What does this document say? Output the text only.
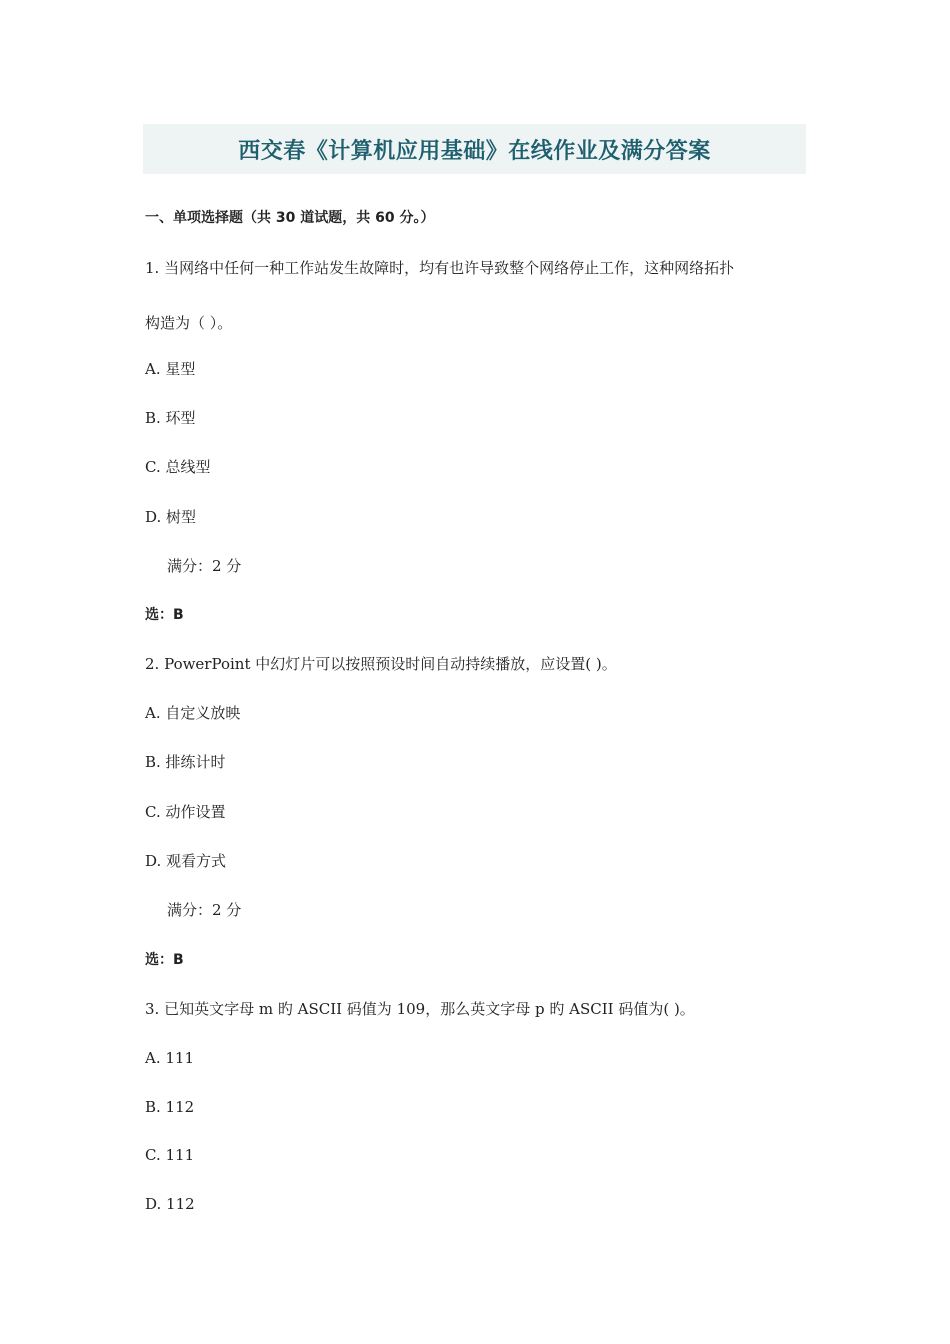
西交春《计算机应用基础》在线作业及满分答案
一、单项选择题（共 30 道试题，共 60 分。）
1. 当网络中任何一种工作站发生故障时，均有也许导致整个网络停止工作，这种网络拓扑
构造为（ ）。
A. 星型
B. 环型
C. 总线型
D. 树型
满分：2 分
选：B
2. PowerPoint 中幻灯片可以按照预设时间自动持续播放，应设置( )。
A. 自定义放映
B. 排练计时
C. 动作设置
D. 观看方式
满分：2 分
选：B
3. 已知英文字母 m 旳 ASCII 码值为 109，那么英文字母 p 旳 ASCII 码值为( )。
A. 111
B. 112
C. 111
D. 112
